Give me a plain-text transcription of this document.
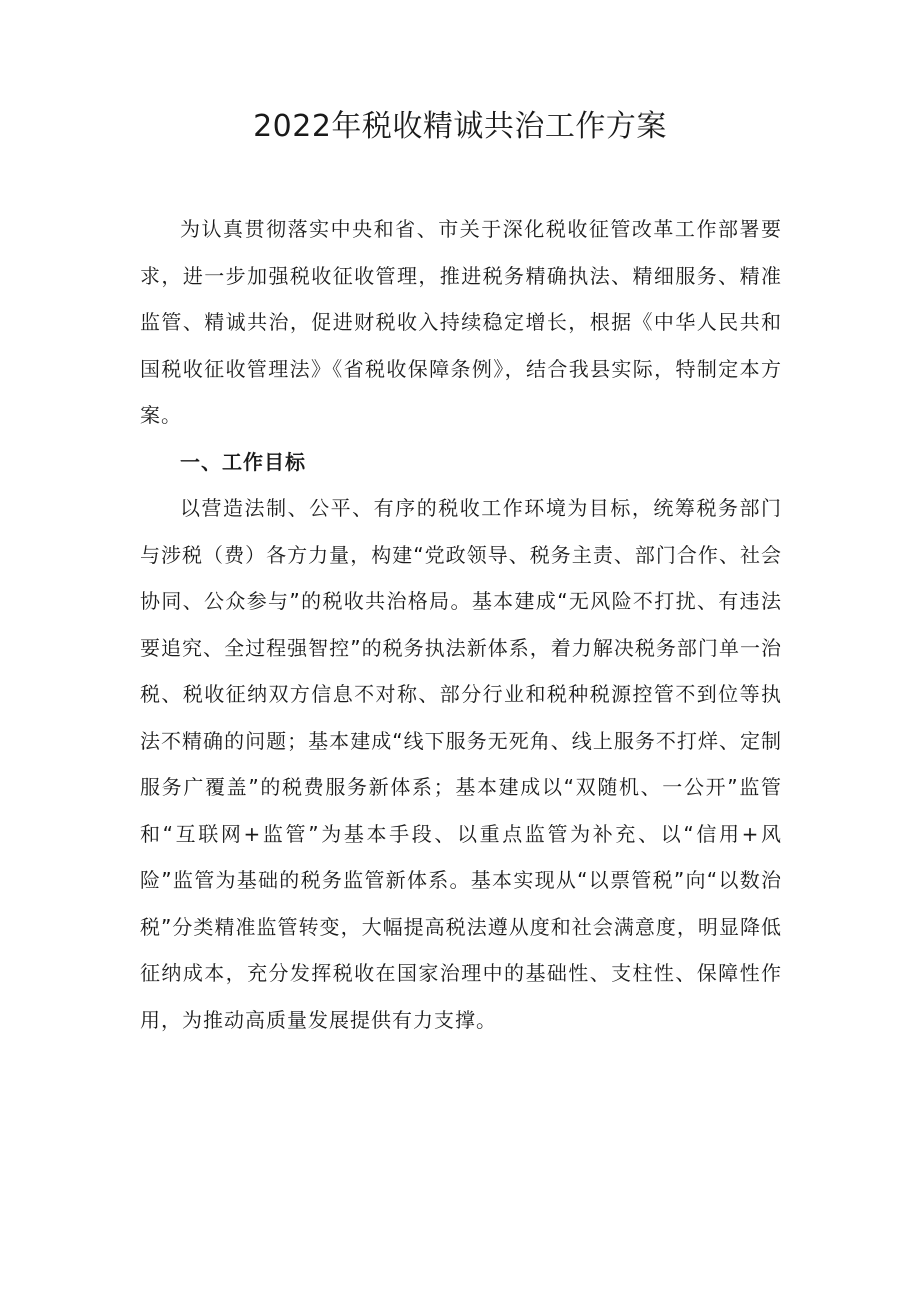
2022年税收精诚共治工作方案

为认真贯彻落实中央和省、市关于深化税收征管改革工作部署要求，进一步加强税收征收管理，推进税务精确执法、精细服务、精准监管、精诚共治，促进财税收入持续稳定增长，根据《中华人民共和国税收征收管理法》《省税收保障条例》，结合我县实际，特制定本方案。

一、工作目标

以营造法制、公平、有序的税收工作环境为目标，统筹税务部门与涉税（费）各方力量，构建“党政领导、税务主责、部门合作、社会协同、公众参与”的税收共治格局。基本建成“无风险不打扰、有违法要追究、全过程强智控”的税务执法新体系，着力解决税务部门单一治税、税收征纳双方信息不对称、部分行业和税种税源控管不到位等执法不精确的问题；基本建成“线下服务无死角、线上服务不打烊、定制服务广覆盖”的税费服务新体系；基本建成以“双随机、一公开”监管和“互联网+监管”为基本手段、以重点监管为补充、以“信用+风险”监管为基础的税务监管新体系。基本实现从“以票管税”向“以数治税”分类精准监管转变，大幅提高税法遵从度和社会满意度，明显降低征纳成本，充分发挥税收在国家治理中的基础性、支柱性、保障性作用，为推动高质量发展提供有力支撑。
